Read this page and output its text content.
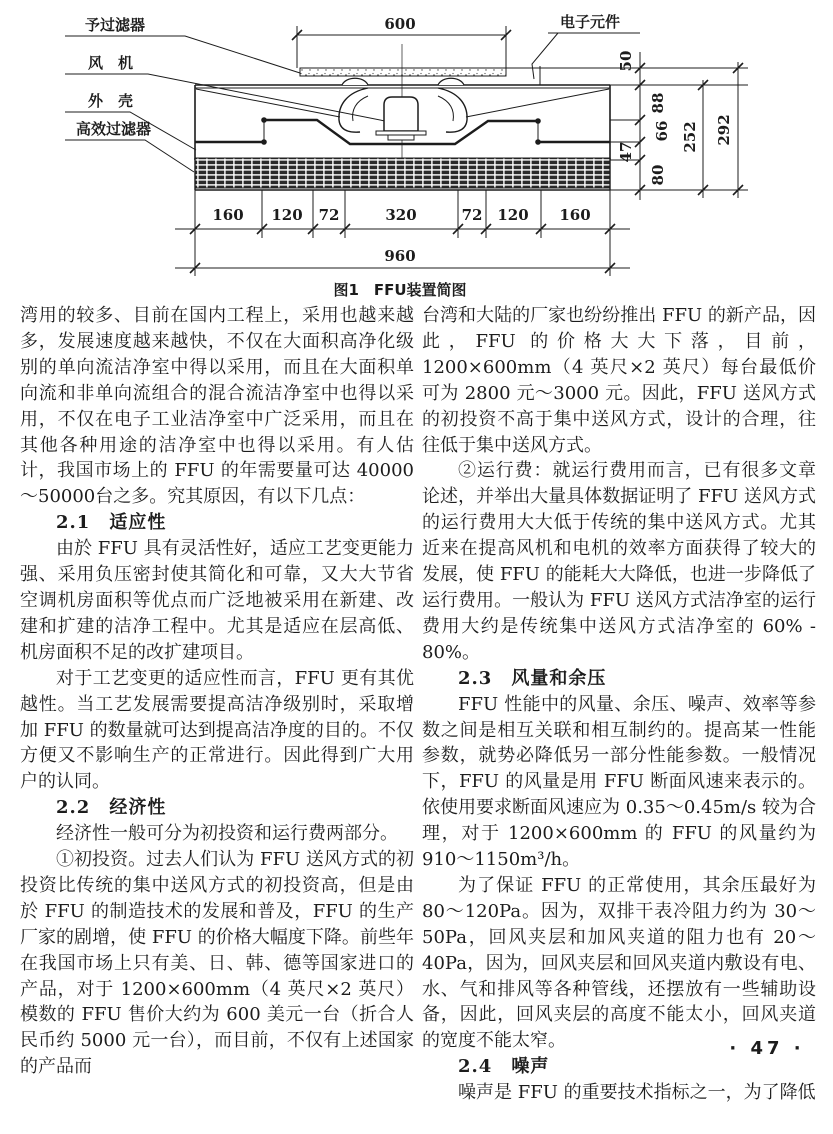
予过滤器
风　机
外　壳
高效过滤器
电子元件
600
50
88
66
47
80
252 292
160 120 72	320	72 120 160
960
图1　FFU装置简图

湾用的较多、目前在国内工程上，采用也越来越多，发展速度越来越快，不仅在大面积高净化级别的单向流洁净室中得以采用，而且在大面积单向流和非单向流组合的混合流洁净室中也得以采用，不仅在电子工业洁净室中广泛采用，而且在其他各种用途的洁净室中也得以采用。有人估计，我国市场上的 FFU 的年需要量可达 40000～50000台之多。究其原因，有以下几点：

2.1　适应性

由於 FFU 具有灵活性好，适应工艺变更能力强、采用负压密封使其简化和可靠，又大大节省空调机房面积等优点而广泛地被采用在新建、改建和扩建的洁净工程中。尤其是适应在层高低、机房面积不足的改扩建项目。

对于工艺变更的适应性而言，FFU 更有其优越性。当工艺发展需要提高洁净级别时，采取增加 FFU 的数量就可达到提高洁净度的目的。不仅方便又不影响生产的正常进行。因此得到广大用户的认同。

2.2　经济性

经济性一般可分为初投资和运行费两部分。

①初投资。过去人们认为 FFU 送风方式的初投资比传统的集中送风方式的初投资高，但是由於 FFU 的制造技术的发展和普及，FFU 的生产厂家的剧增，使 FFU 的价格大幅度下降。前些年在我国市场上只有美、日、韩、德等国家进口的产品，对于 1200×600mm（4 英尺×2 英尺）模数的 FFU 售价大约为 600 美元一台（折合人民币约 5000 元一台），而目前，不仅有上述国家的产品而

台湾和大陆的厂家也纷纷推出 FFU 的新产品，因此，FFU 的价格大大下落，目前，1200×600mm（4 英尺×2 英尺）每台最低价可为 2800 元～3000 元。因此，FFU 送风方式的初投资不高于集中送风方式，设计的合理，往往低于集中送风方式。

②运行费：就运行费用而言，已有很多文章论述，并举出大量具体数据证明了 FFU 送风方式的运行费用大大低于传统的集中送风方式。尤其近来在提高风机和电机的效率方面获得了较大的发展，使 FFU 的能耗大大降低，也进一步降低了运行费用。一般认为 FFU 送风方式洁净室的运行费用大约是传统集中送风方式洁净室的 60% - 80%。

2.3　风量和余压

FFU 性能中的风量、余压、噪声、效率等参数之间是相互关联和相互制约的。提高某一性能参数，就势必降低另一部分性能参数。一般情况下，FFU 的风量是用 FFU 断面风速来表示的。依使用要求断面风速应为 0.35～0.45m/s 较为合理，对于 1200×600mm 的 FFU 的风量约为 910～1150m³/h。

为了保证 FFU 的正常使用，其余压最好为 80～120Pa。因为，双排干表冷阻力约为 30～50Pa，回风夹层和加风夹道的阻力也有 20～40Pa，因为，回风夹层和回风夹道内敷设有电、水、气和排风等各种管线，还摆放有一些辅助设备，因此，回风夹层的高度不能太小，回风夹道的宽度不能太窄。

2.4　噪声

噪声是 FFU 的重要技术指标之一，为了降低

· 47 ·
